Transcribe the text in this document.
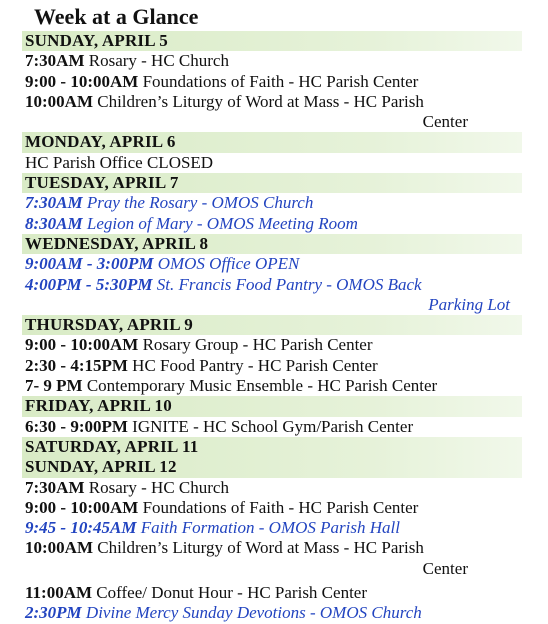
Week at a Glance
SUNDAY, APRIL 5
7:30AM Rosary - HC Church
9:00 - 10:00AM Foundations of Faith - HC Parish Center
10:00AM Children’s Liturgy of Word at Mass - HC Parish
Center
MONDAY, APRIL 6
HC Parish Office CLOSED
TUESDAY, APRIL 7
7:30AM Pray the Rosary - OMOS Church
8:30AM Legion of Mary - OMOS Meeting Room
WEDNESDAY, APRIL 8
9:00AM - 3:00PM OMOS Office OPEN
4:00PM - 5:30PM St. Francis Food Pantry - OMOS Back
Parking Lot
THURSDAY, APRIL 9
9:00 - 10:00AM Rosary Group - HC Parish Center
2:30 - 4:15PM HC Food Pantry - HC Parish Center
7- 9 PM Contemporary Music Ensemble - HC Parish Center
FRIDAY, APRIL 10
6:30 - 9:00PM IGNITE - HC School Gym/Parish Center
SATURDAY, APRIL 11
SUNDAY, APRIL 12
7:30AM Rosary - HC Church
9:00 - 10:00AM Foundations of Faith - HC Parish Center
9:45 - 10:45AM Faith Formation - OMOS Parish Hall
10:00AM Children’s Liturgy of Word at Mass - HC Parish
Center
11:00AM Coffee/ Donut Hour - HC Parish Center
2:30PM Divine Mercy Sunday Devotions - OMOS Church
